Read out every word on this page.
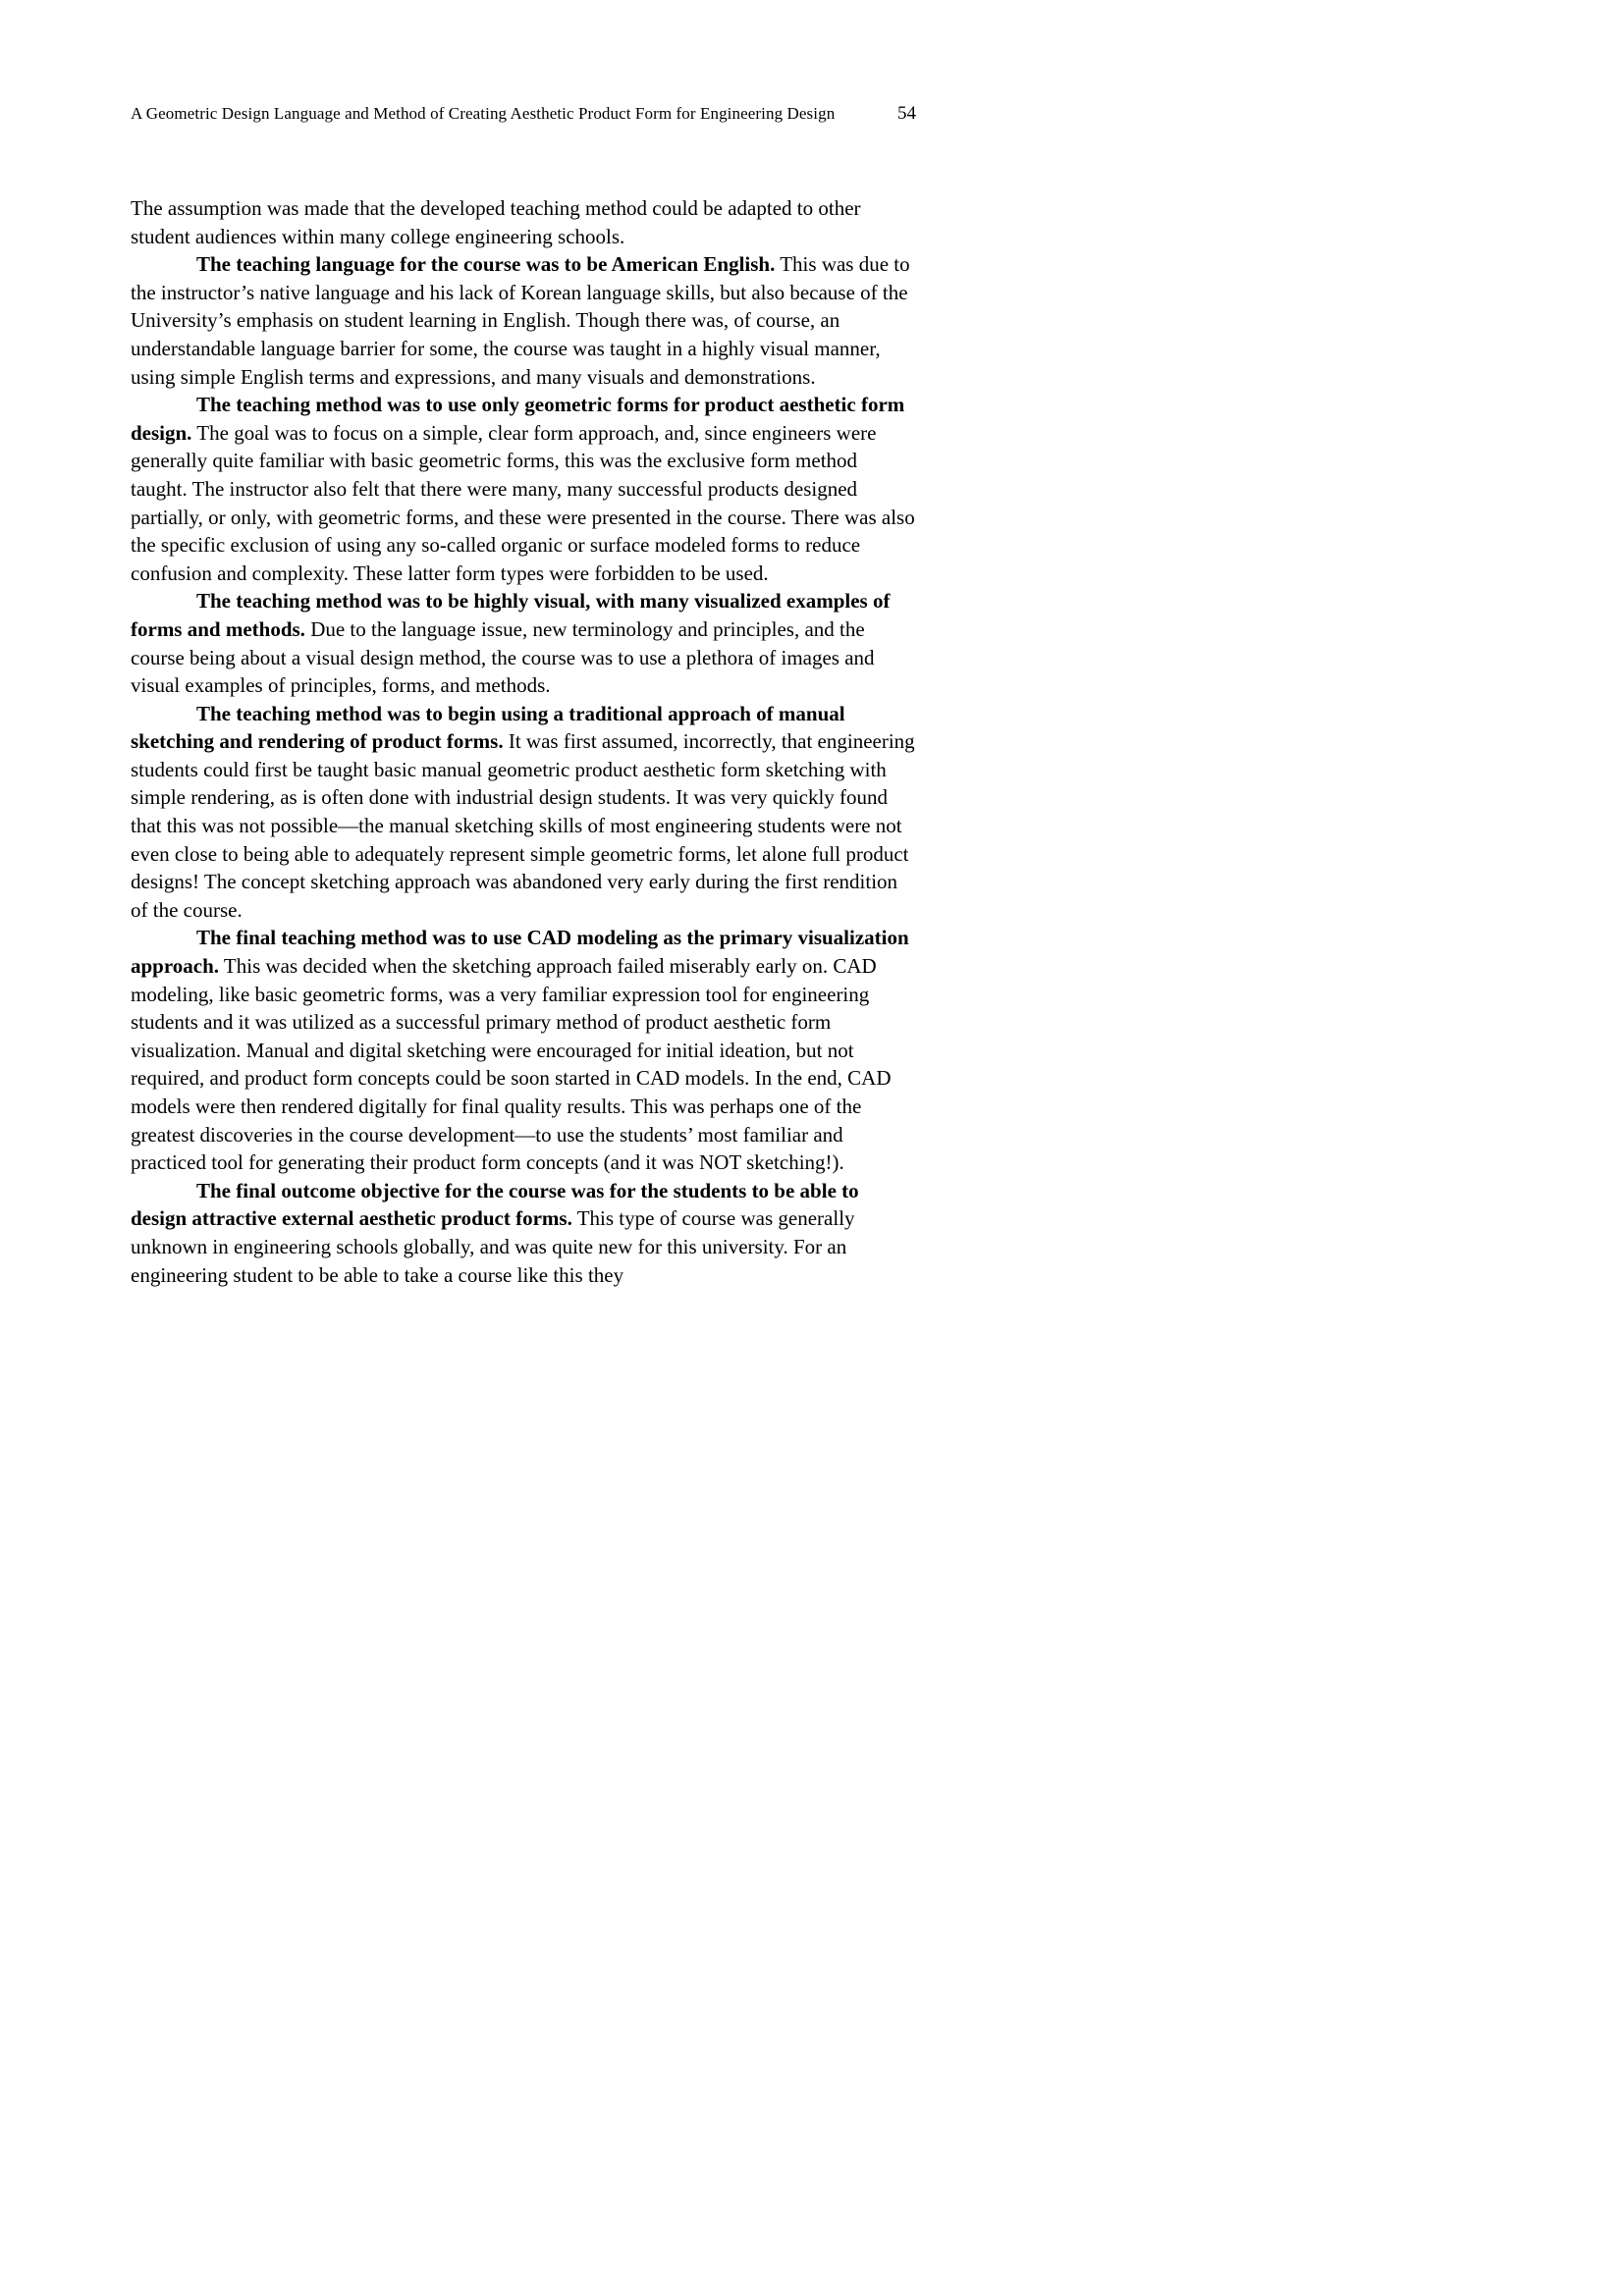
A Geometric Design Language and Method of Creating Aesthetic Product Form for Engineering Design	54

The assumption was made that the developed teaching method could be adapted to other student audiences within many college engineering schools.

The teaching language for the course was to be American English. This was due to the instructor’s native language and his lack of Korean language skills, but also because of the University’s emphasis on student learning in English. Though there was, of course, an understandable language barrier for some, the course was taught in a highly visual manner, using simple English terms and expressions, and many visuals and demonstrations.

The teaching method was to use only geometric forms for product aesthetic form design. The goal was to focus on a simple, clear form approach, and, since engineers were generally quite familiar with basic geometric forms, this was the exclusive form method taught. The instructor also felt that there were many, many successful products designed partially, or only, with geometric forms, and these were presented in the course. There was also the specific exclusion of using any so-called organic or surface modeled forms to reduce confusion and complexity. These latter form types were forbidden to be used.

The teaching method was to be highly visual, with many visualized examples of forms and methods. Due to the language issue, new terminology and principles, and the course being about a visual design method, the course was to use a plethora of images and visual examples of principles, forms, and methods.

The teaching method was to begin using a traditional approach of manual sketching and rendering of product forms. It was first assumed, incorrectly, that engineering students could first be taught basic manual geometric product aesthetic form sketching with simple rendering, as is often done with industrial design students. It was very quickly found that this was not possible—the manual sketching skills of most engineering students were not even close to being able to adequately represent simple geometric forms, let alone full product designs! The concept sketching approach was abandoned very early during the first rendition of the course.

The final teaching method was to use CAD modeling as the primary visualization approach. This was decided when the sketching approach failed miserably early on. CAD modeling, like basic geometric forms, was a very familiar expression tool for engineering students and it was utilized as a successful primary method of product aesthetic form visualization. Manual and digital sketching were encouraged for initial ideation, but not required, and product form concepts could be soon started in CAD models. In the end, CAD models were then rendered digitally for final quality results. This was perhaps one of the greatest discoveries in the course development—to use the students’ most familiar and practiced tool for generating their product form concepts (and it was NOT sketching!).

The final outcome objective for the course was for the students to be able to design attractive external aesthetic product forms. This type of course was generally unknown in engineering schools globally, and was quite new for this university. For an engineering student to be able to take a course like this they
